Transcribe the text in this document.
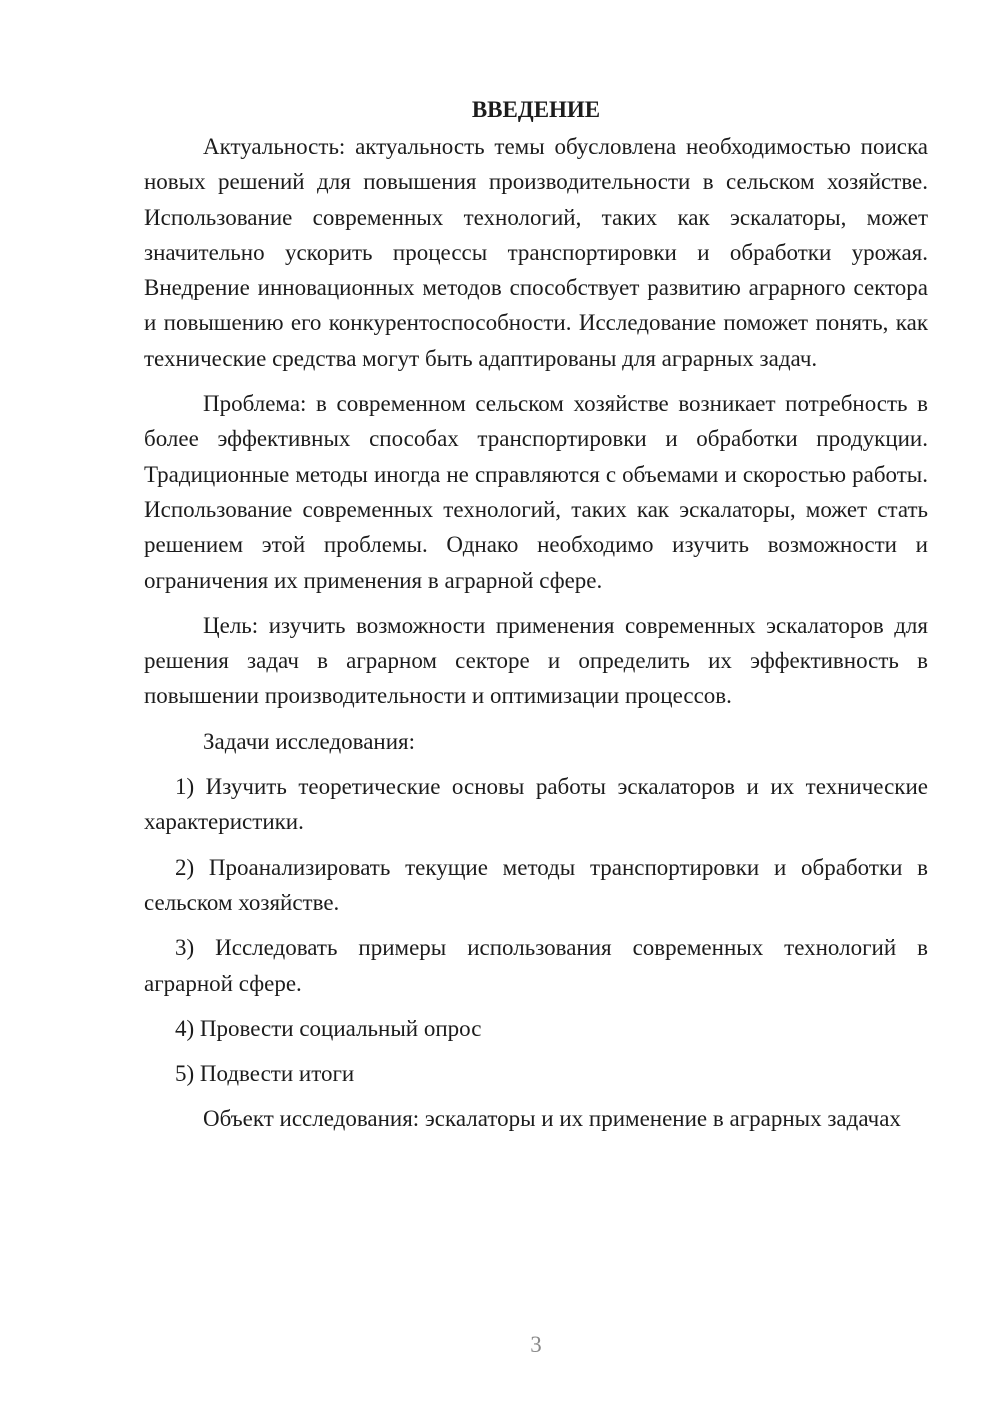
ВВЕДЕНИЕ

Актуальность: актуальность темы обусловлена необходимостью поиска новых решений для повышения производительности в сельском хозяйстве. Использование современных технологий, таких как эскалаторы, может значительно ускорить процессы транспортировки и обработки урожая. Внедрение инновационных методов способствует развитию аграрного сектора и повышению его конкурентоспособности. Исследование поможет понять, как технические средства могут быть адаптированы для аграрных задач.

Проблема: в современном сельском хозяйстве возникает потребность в более эффективных способах транспортировки и обработки продукции. Традиционные методы иногда не справляются с объемами и скоростью работы. Использование современных технологий, таких как эскалаторы, может стать решением этой проблемы. Однако необходимо изучить возможности и ограничения их применения в аграрной сфере.

Цель: изучить возможности применения современных эскалаторов для решения задач в аграрном секторе и определить их эффективность в повышении производительности и оптимизации процессов.

Задачи исследования:

1) Изучить теоретические основы работы эскалаторов и их технические характеристики.

2) Проанализировать текущие методы транспортировки и обработки в сельском хозяйстве.

3) Исследовать примеры использования современных технологий в аграрной сфере.

4) Провести социальный опрос

5) Подвести итоги

Объект исследования: эскалаторы и их применение в аграрных задачах

3
